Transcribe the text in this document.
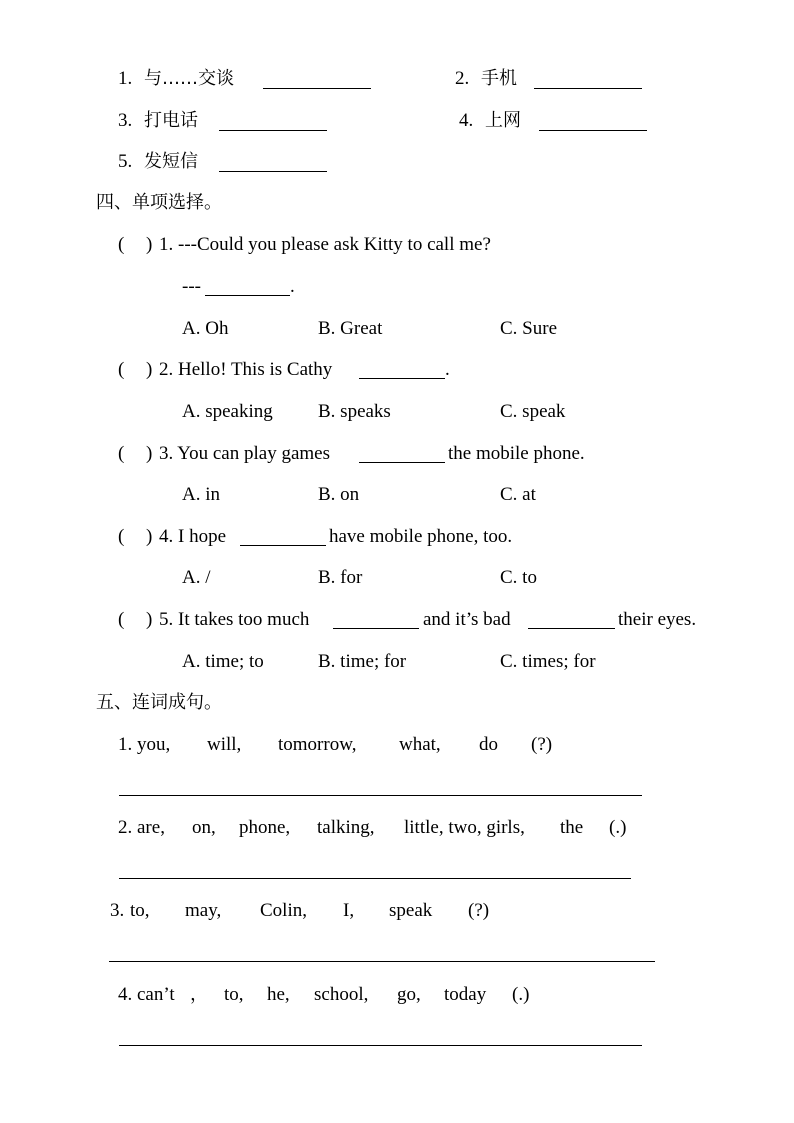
1. 与……交谈	2. 手机
3. 打电话	4. 上网
5. 发短信
四、单项选择。
( ) 1. ---Could you please ask Kitty to call me?
---	.
A. Oh	B. Great	C. Sure
( ) 2. Hello! This is Cathy	.
A. speaking B. speaks	C. speak
( ) 3. You can play games	the mobile phone.
A. in	B. on	C. at
( ) 4. I hope	have mobile phone, too.
A. /	B. for	C. to
( ) 5. It takes too much	and it’s bad	their eyes.
A. time; to	B. time; for	C. times; for
五、连词成句。
1. you, will, tomorrow, what, do (?)
2. are, on, phone, talking, little, two, girls, the (.)
3. to, may, Colin, I, speak (?)
4. can’t ， to, he, school, go, today (.)
